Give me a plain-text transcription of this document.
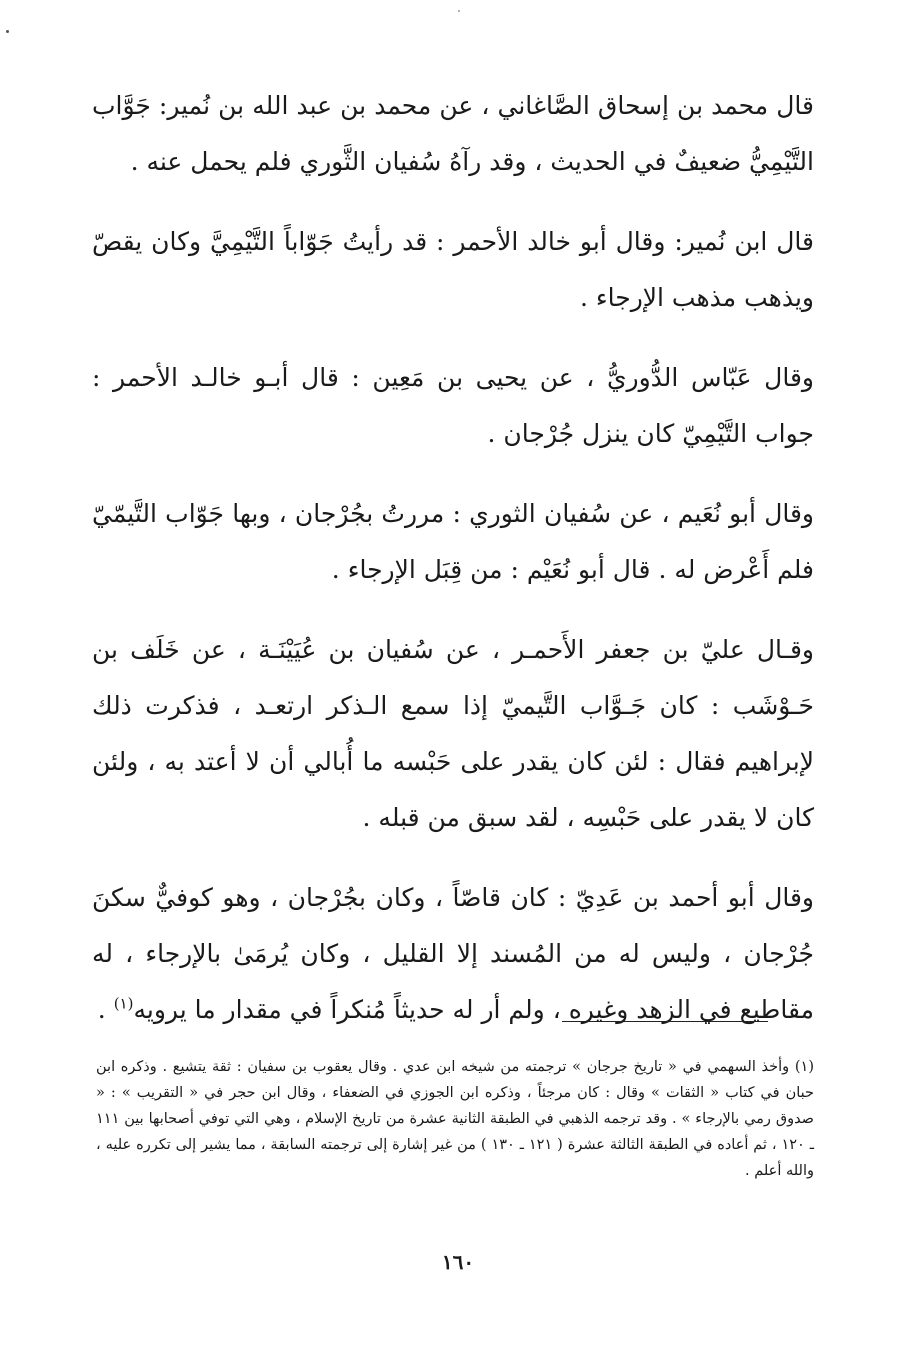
قال محمد بن إسحاق الصَّاغاني ، عن محمد بن عبد الله بن نُمير: جَوَّاب التَّيْمِيُّ ضعيفٌ في الحديث ، وقد رآهُ سُفيان الثَّوري فلم يحمل عنه .

قال ابن نُمير: وقال أبو خالد الأحمر : قد رأيتُ جَوّاباً التَّيْمِيَّ وكان يقصّ ويذهب مذهب الإرجاء .

وقال عَبّاس الدُّوريُّ ، عن يحيى بن مَعِين : قال أبـو خالـد الأحمر : جواب التَّيْمِيّ كان ينزل جُرْجان .

وقال أبو نُعَيم ، عن سُفيان الثوري : مررتُ بجُرْجان ، وبها جَوّاب التَّيمّيّ فلم أَعْرض له . قال أبو نُعَيْم : من قِبَل الإرجاء .

وقـال عليّ بن جعفر الأَحمـر ، عن سُفيان بن عُيَيْنَـة ، عن خَلَف بن حَـوْشَب : كان جَـوَّاب التَّيميّ إذا سمع الـذكر ارتعـد ، فذكرت ذلك لإبراهيم فقال : لئن كان يقدر على حَبْسه ما أُبالي أن لا أعتد به ، ولئن كان لا يقدر على حَبْسِه ، لقد سبق من قبله .

وقال أبو أحمد بن عَدِيّ : كان قاصّاً ، وكان بجُرْجان ، وهو كوفيٌّ سكنَ جُرْجان ، وليس له من المُسند إلا القليل ، وكان يُرمَىٰ بالإرجاء ، له مقاطيع في الزهد وغيره ، ولم أر له حديثاً مُنكراً في مقدار ما يرويه$^{(١)}$ .

(١) وأخذ السهمي في « تاريخ جرجان » ترجمته من شيخه ابن عدي . وقال يعقوب بن سفيان : ثقة يتشيع . وذكره ابن حبان في كتاب « الثقات » وقال : كان مرجئاً ، وذكره ابن الجوزي في الضعفاء ، وقال ابن حجر في « التقريب » : « صدوق رمي بالإرجاء » . وقد ترجمه الذهبي في الطبقة الثانية عشرة من تاريخ الإسلام ، وهي التي توفي أصحابها بين ١١١ ـ ١٢٠ ، ثم أعاده في الطبقة الثالثة عشرة ( ١٢١ ـ ١٣٠ ) من غير إشارة إلى ترجمته السابقة ، مما يشير إلى تكرره عليه ، والله أعلم .
١٦٠
